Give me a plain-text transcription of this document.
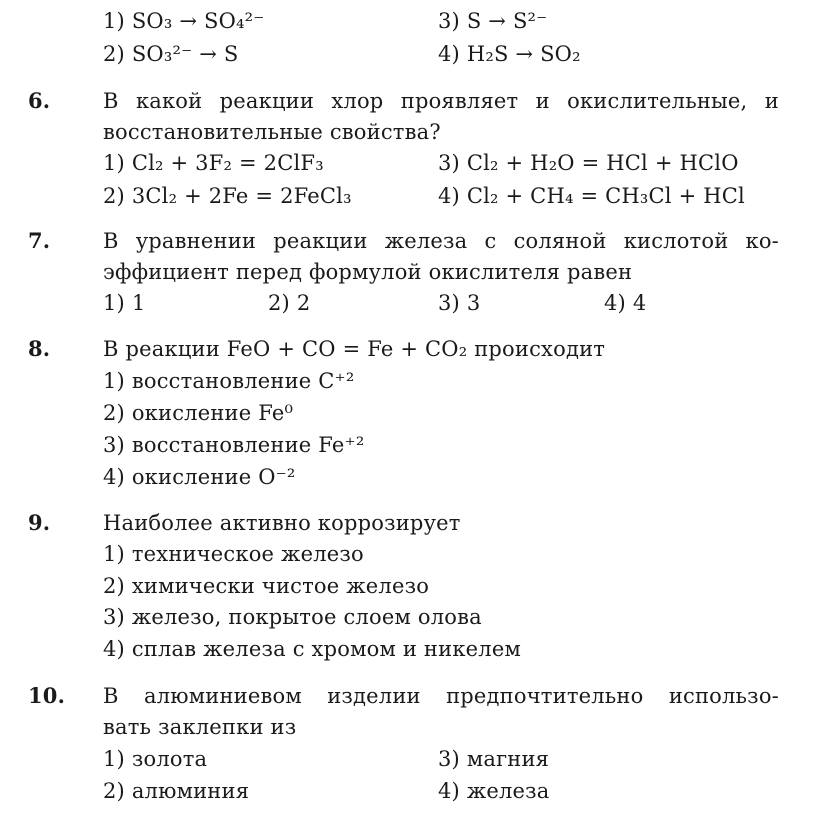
1) SO₃ → SO₄²⁻	3) S → S²⁻
2) SO₃²⁻ → S	4) H₂S → SO₂
6.	В какой реакции хлор проявляет и окислительные, и
восстановительные свойства?
1) Cl₂ + 3F₂ = 2ClF₃	3) Cl₂ + H₂O = HCl + HClO
2) 3Cl₂ + 2Fe = 2FeCl₃	4) Cl₂ + CH₄ = CH₃Cl + HCl
7.	В уравнении реакции железа с соляной кислотой ко-
эффициент перед формулой окислителя равен
1) 1	2) 2	3) 3	4) 4
8.	В реакции FeO + CO = Fe + CO₂ происходит
1) восстановление C⁺²
2) окисление Fe⁰
3) восстановление Fe⁺²
4) окисление O⁻²
9.	Наиболее активно коррозирует
1) техническое железо
2) химически чистое железо
3) железо, покрытое слоем олова
4) сплав железа с хромом и никелем
10. В алюминиевом изделии предпочтительно использо-
вать заклепки из
1) золота	3) магния
2) алюминия	4) железа
